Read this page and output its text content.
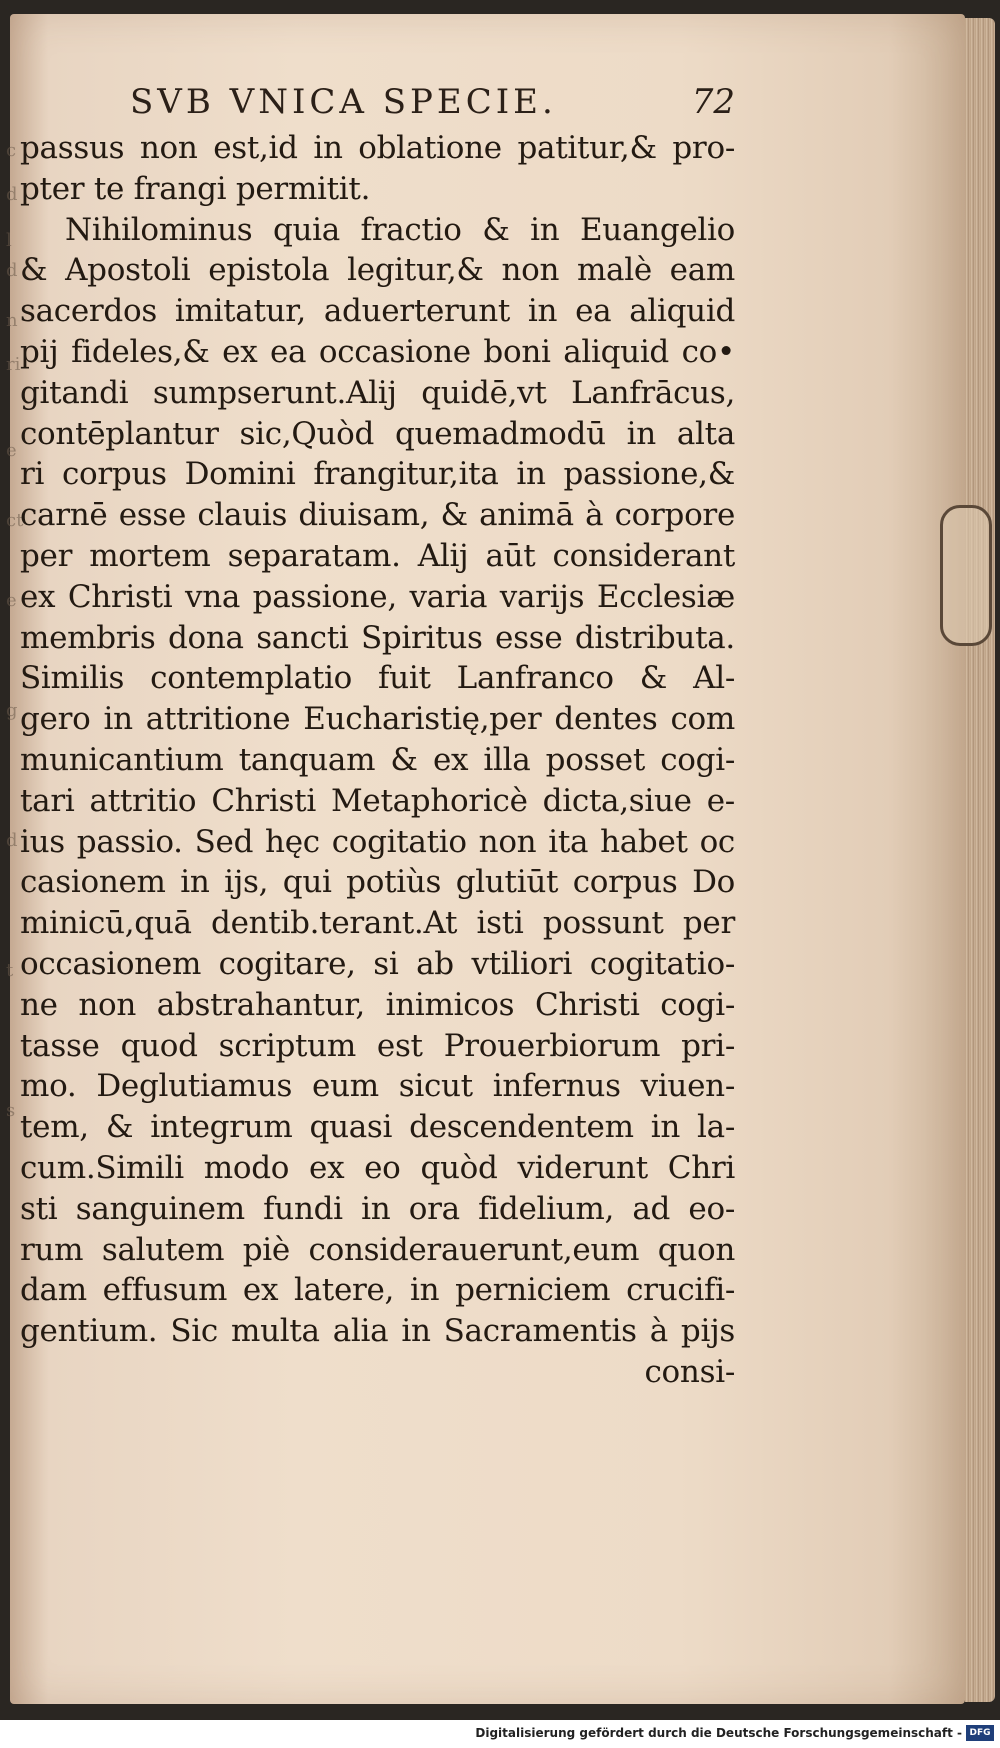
c
d
l
d
n
ri
e
ct
e
g
d
t
s
SVB VNICA SPECIE.	72
passus non est,id in oblatione patitur,& pro-
pter te frangi permitit.
Nihilominus quia fractio & in Euangelio
& Apostoli epistola legitur,& non malè eam
sacerdos imitatur, aduerterunt in ea aliquid
pij fideles,& ex ea occasione boni aliquid co•
gitandi sumpserunt.Alij quidē,vt Lanfrācus,
contēplantur sic,Quòd quemadmodū in alta
ri corpus Domini frangitur,ita in passione,&
carnē esse clauis diuisam, & animā à corpore
per mortem separatam. Alij aūt considerant
ex Christi vna passione, varia varijs Ecclesiæ
membris dona sancti Spiritus esse distributa.
Similis contemplatio fuit Lanfranco & Al-
gero in attritione Eucharistię,per dentes com
municantium tanquam & ex illa posset cogi-
tari attritio Christi Metaphoricè dicta,siue e-
ius passio. Sed hęc cogitatio non ita habet oc
casionem in ijs, qui potiùs glutiūt corpus Do
minicū,quā dentib.terant.At isti possunt per
occasionem cogitare, si ab vtiliori cogitatio-
ne non abstrahantur, inimicos Christi cogi-
tasse quod scriptum est Prouerbiorum pri-
mo. Deglutiamus eum sicut infernus viuen-
tem, & integrum quasi descendentem in la-
cum.Simili modo ex eo quòd viderunt Chri
sti sanguinem fundi in ora fidelium, ad eo-
rum salutem piè considerauerunt,eum quon
dam effusum ex latere, in perniciem crucifi-
gentium. Sic multa alia in Sacramentis à pijs
consi-
Digitalisierung gefördert durch die Deutsche Forschungsgemeinschaft - DFG
